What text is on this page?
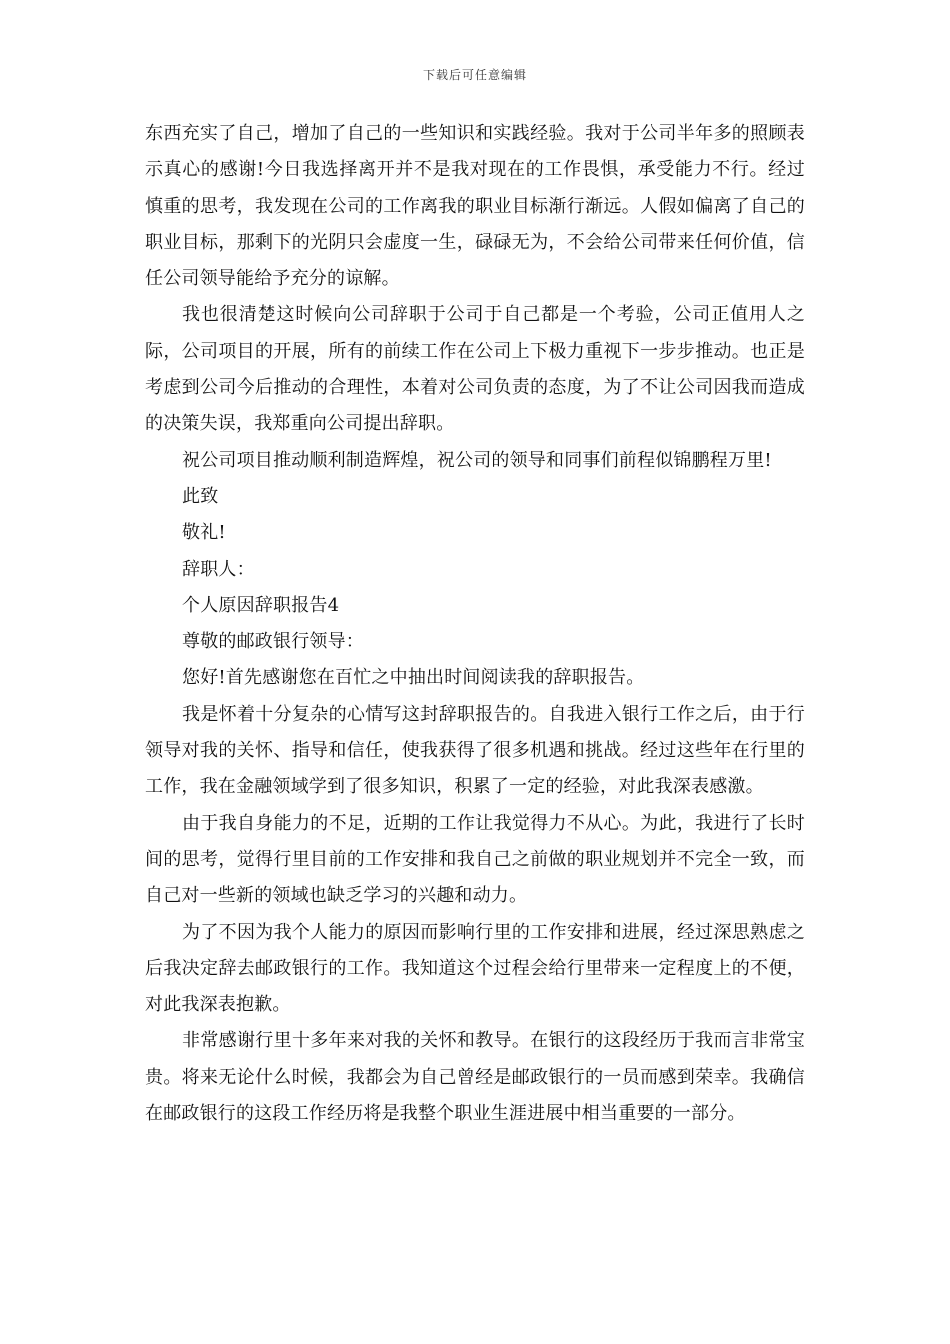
下载后可任意编辑

东西充实了自己，增加了自己的一些知识和实践经验。我对于公司半年多的照顾表示真心的感谢!今日我选择离开并不是我对现在的工作畏惧，承受能力不行。经过慎重的思考，我发现在公司的工作离我的职业目标渐行渐远。人假如偏离了自己的职业目标，那剩下的光阴只会虚度一生，碌碌无为，不会给公司带来任何价值，信任公司领导能给予充分的谅解。

我也很清楚这时候向公司辞职于公司于自己都是一个考验，公司正值用人之际，公司项目的开展，所有的前续工作在公司上下极力重视下一步步推动。也正是考虑到公司今后推动的合理性，本着对公司负责的态度，为了不让公司因我而造成的决策失误，我郑重向公司提出辞职。

祝公司项目推动顺利制造辉煌，祝公司的领导和同事们前程似锦鹏程万里!

此致

敬礼!

辞职人：

个人原因辞职报告4

尊敬的邮政银行领导：

您好!首先感谢您在百忙之中抽出时间阅读我的辞职报告。

我是怀着十分复杂的心情写这封辞职报告的。自我进入银行工作之后，由于行领导对我的关怀、指导和信任，使我获得了很多机遇和挑战。经过这些年在行里的工作，我在金融领域学到了很多知识，积累了一定的经验，对此我深表感激。

由于我自身能力的不足，近期的工作让我觉得力不从心。为此，我进行了长时间的思考，觉得行里目前的工作安排和我自己之前做的职业规划并不完全一致，而自己对一些新的领域也缺乏学习的兴趣和动力。

为了不因为我个人能力的原因而影响行里的工作安排和进展，经过深思熟虑之后我决定辞去邮政银行的工作。我知道这个过程会给行里带来一定程度上的不便，对此我深表抱歉。

非常感谢行里十多年来对我的关怀和教导。在银行的这段经历于我而言非常宝贵。将来无论什么时候，我都会为自己曾经是邮政银行的一员而感到荣幸。我确信在邮政银行的这段工作经历将是我整个职业生涯进展中相当重要的一部分。
